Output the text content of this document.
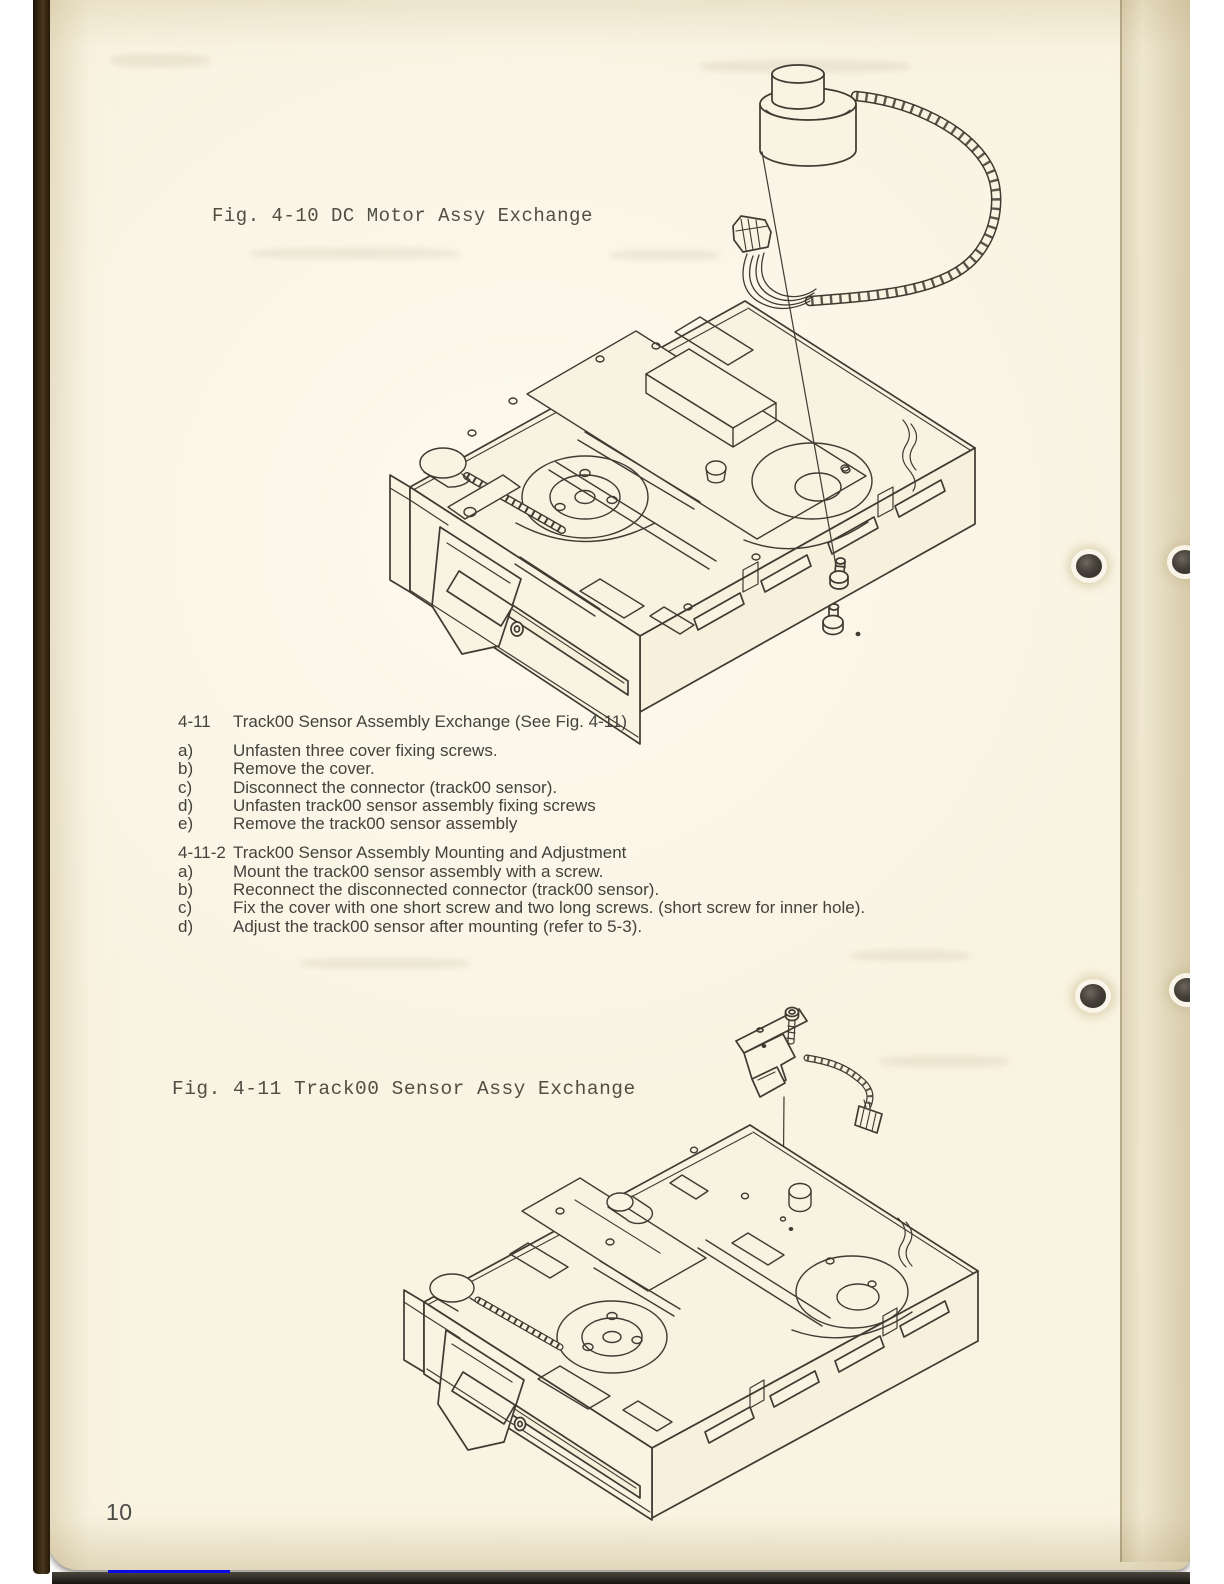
Fig. 4-10 DC Motor Assy Exchange
4-11	Track00 Sensor Assembly Exchange (See Fig. 4-11)
a)	Unfasten three cover fixing screws.
b)	Remove the cover.
c)	Disconnect the connector (track00 sensor).
d)	Unfasten track00 sensor assembly fixing screws
e)	Remove the track00 sensor assembly
4-11-2 Track00 Sensor Assembly Mounting and Adjustment
a)	Mount the track00 sensor assembly with a screw.
b)	Reconnect the disconnected connector (track00 sensor).
c)	Fix the cover with one short screw and two long screws. (short screw for inner hole).
d)	Adjust the track00 sensor after mounting (refer to 5-3).
Fig. 4-11 Track00 Sensor Assy Exchange
10
